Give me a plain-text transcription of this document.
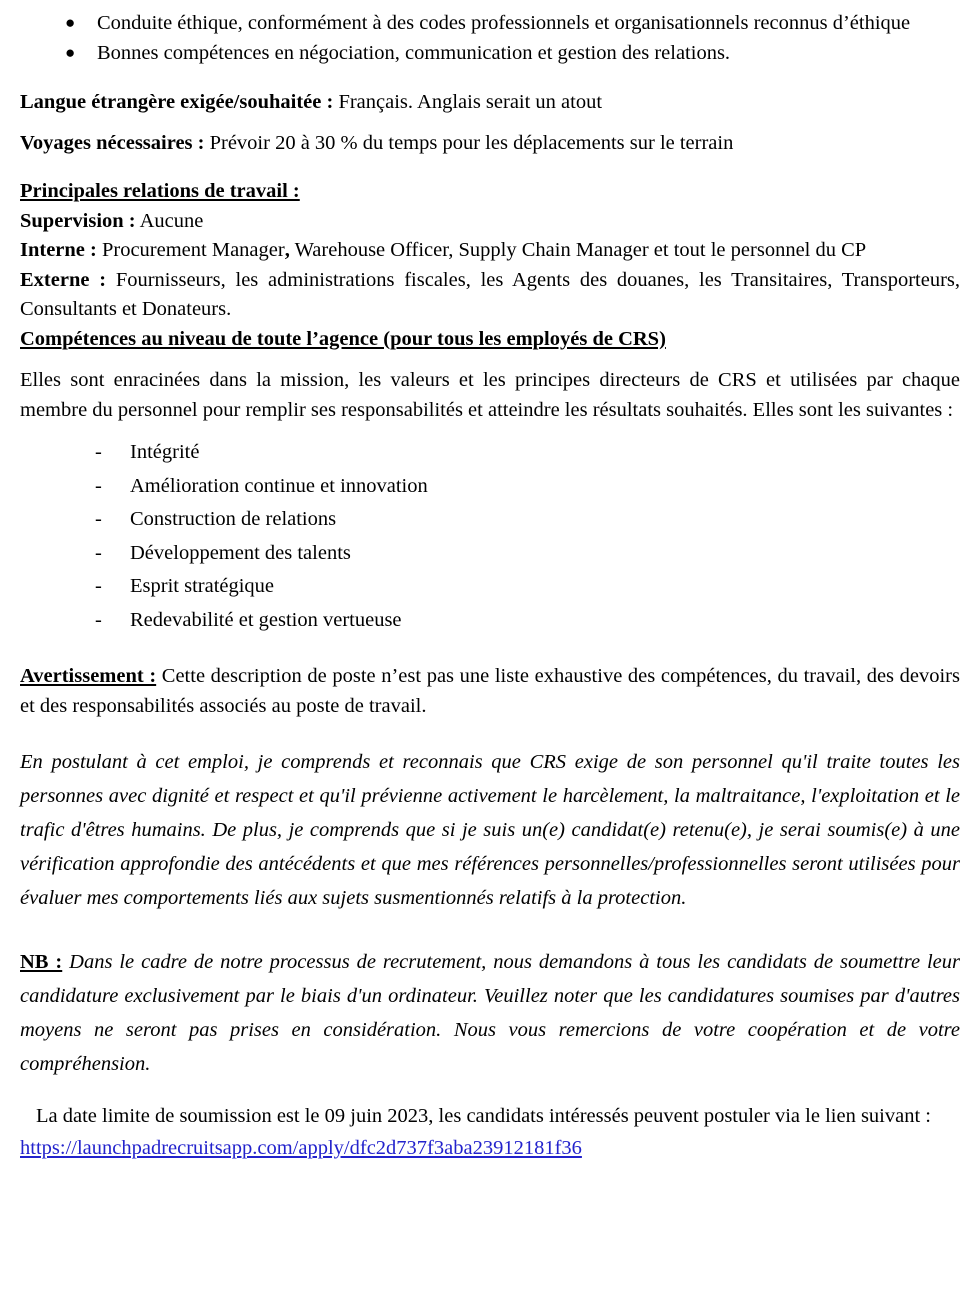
● Conduite éthique, conformément à des codes professionnels et organisationnels reconnus d’éthique
● Bonnes compétences en négociation, communication et gestion des relations.

Langue étrangère exigée/souhaitée : Français. Anglais serait un atout

Voyages nécessaires : Prévoir 20 à 30 % du temps pour les déplacements sur le terrain

Principales relations de travail :

Supervision : Aucune

Interne : Procurement Manager, Warehouse Officer, Supply Chain Manager et tout le personnel du CP

Externe : Fournisseurs, les administrations fiscales, les Agents des douanes, les Transitaires, Transporteurs, Consultants et Donateurs.

Compétences au niveau de toute l’agence (pour tous les employés de CRS)

Elles sont enracinées dans la mission, les valeurs et les principes directeurs de CRS et utilisées par chaque membre du personnel pour remplir ses responsabilités et atteindre les résultats souhaités. Elles sont les suivantes :

- Intégrité
- Amélioration continue et innovation
- Construction de relations
- Développement des talents
- Esprit stratégique
- Redevabilité et gestion vertueuse

Avertissement : Cette description de poste n’est pas une liste exhaustive des compétences, du travail, des devoirs et des responsabilités associés au poste de travail.

En postulant à cet emploi, je comprends et reconnais que CRS exige de son personnel qu'il traite toutes les personnes avec dignité et respect et qu'il prévienne activement le harcèlement, la maltraitance, l'exploitation et le trafic d'êtres humains. De plus, je comprends que si je suis un(e) candidat(e) retenu(e), je serai soumis(e) à une vérification approfondie des antécédents et que mes références personnelles/professionnelles seront utilisées pour évaluer mes comportements liés aux sujets susmentionnés relatifs à la protection.

NB : Dans le cadre de notre processus de recrutement, nous demandons à tous les candidats de soumettre leur candidature exclusivement par le biais d'un ordinateur. Veuillez noter que les candidatures soumises par d'autres moyens ne seront pas prises en considération. Nous vous remercions de votre coopération et de votre compréhension.

La date limite de soumission est le 09 juin 2023, les candidats intéressés peuvent postuler via le lien suivant : https://launchpadrecruitsapp.com/apply/dfc2d737f3aba23912181f36
